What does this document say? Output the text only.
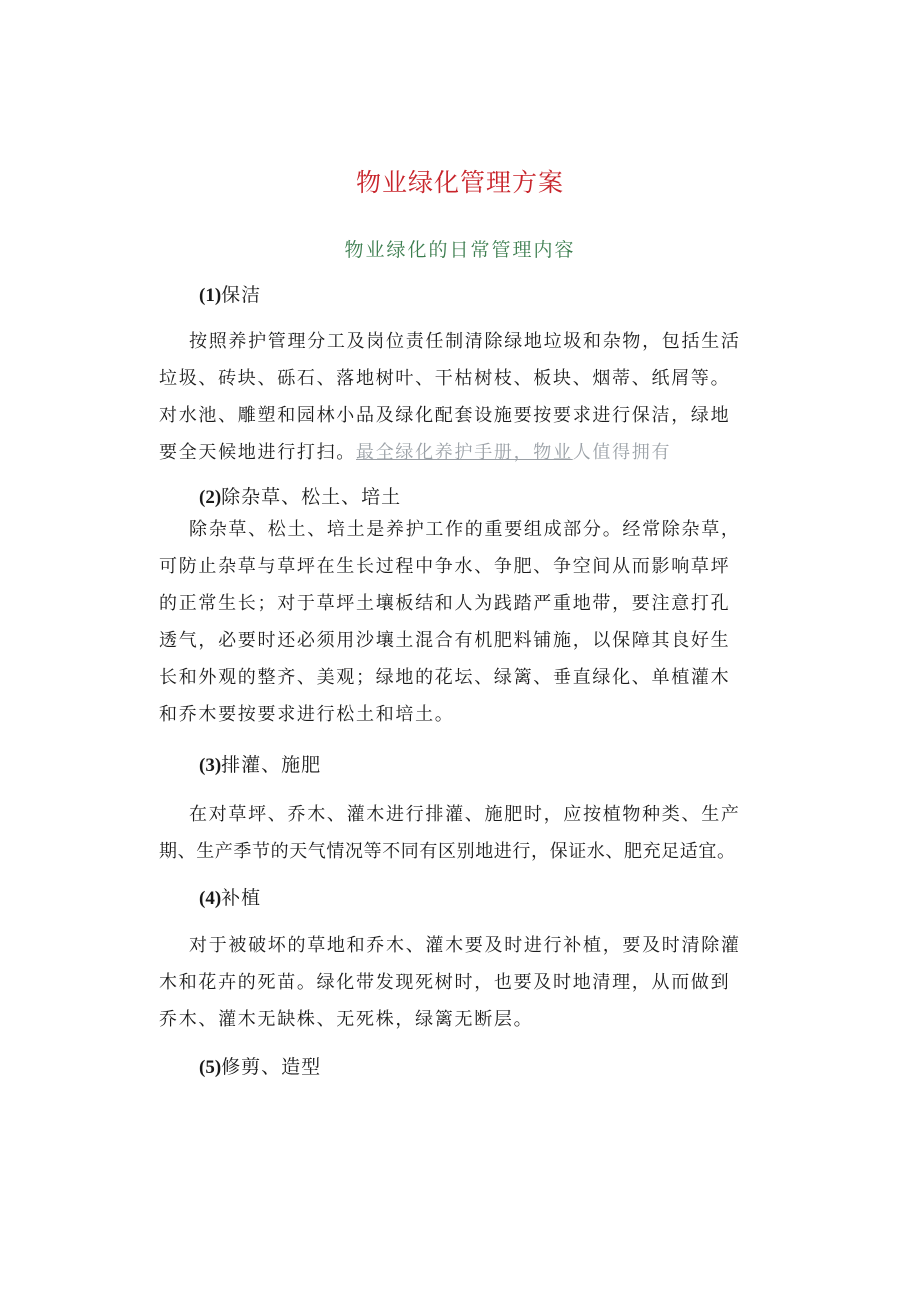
物业绿化管理方案
物业绿化的日常管理内容
(1)保洁
按照养护管理分工及岗位责任制清除绿地垃圾和杂物，包括生活
垃圾、砖块、砾石、落地树叶、干枯树枝、板块、烟蒂、纸屑等。
对水池、雕塑和园林小品及绿化配套设施要按要求进行保洁，绿地
要全天候地进行打扫。最全绿化养护手册，物业人值得拥有
(2)除杂草、松土、培土
除杂草、松土、培土是养护工作的重要组成部分。经常除杂草，
可防止杂草与草坪在生长过程中争水、争肥、争空间从而影响草坪
的正常生长；对于草坪土壤板结和人为践踏严重地带，要注意打孔
透气，必要时还必须用沙壤土混合有机肥料铺施，以保障其良好生
长和外观的整齐、美观；绿地的花坛、绿篱、垂直绿化、单植灌木
和乔木要按要求进行松土和培土。
(3)排灌、施肥
在对草坪、乔木、灌木进行排灌、施肥时，应按植物种类、生产
期、生产季节的天气情况等不同有区别地进行，保证水、肥充足适宜。
(4)补植
对于被破坏的草地和乔木、灌木要及时进行补植，要及时清除灌
木和花卉的死苗。绿化带发现死树时，也要及时地清理，从而做到
乔木、灌木无缺株、无死株，绿篱无断层。
(5)修剪、造型
